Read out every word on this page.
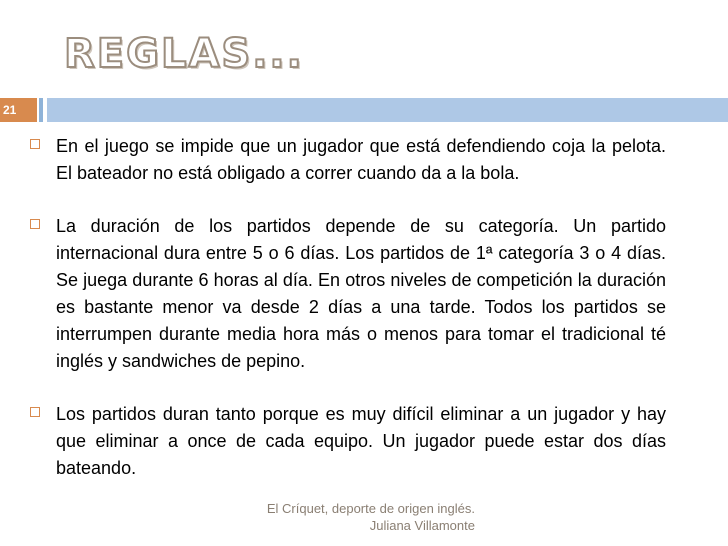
REGLAS...
21

En el juego se impide que un jugador que está defendiendo coja la pelota. El bateador no está obligado a correr cuando da a la bola.

La duración de los partidos depende de su categoría. Un partido internacional dura entre 5 o 6 días. Los partidos de 1ª categoría 3 o 4 días. Se juega durante 6 horas al día. En otros niveles de competición la duración es bastante menor va desde 2 días a una tarde. Todos los partidos se interrumpen durante media hora más o menos para tomar el tradicional té inglés y sandwiches de pepino.

Los partidos duran tanto porque es muy difícil eliminar a un jugador y hay que eliminar a once de cada equipo. Un jugador puede estar dos días bateando.

El Críquet, deporte de origen inglés.
Juliana Villamonte
